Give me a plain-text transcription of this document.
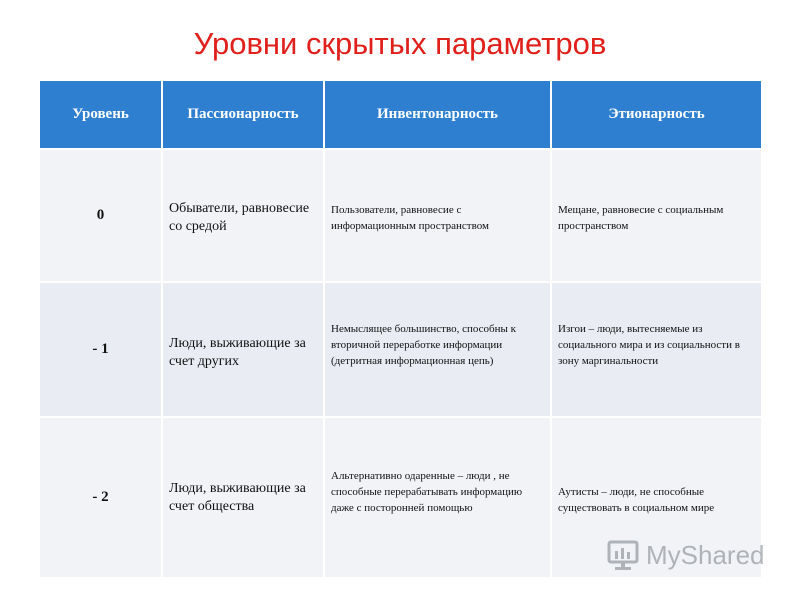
Уровни скрытых параметров
Уровень	Пассионарность	Инвентонарность	Этионарность
0	Обыватели, равновесие со средой	Пользователи, равновесие с информационным пространством	Мещане, равновесие с социальным пространством
- 1	Люди, выживающие за счет других	Немыслящее большинство, способны к вторичной переработке информации (детритная информационная цепь)	Изгои – люди, вытесняемые из социального мира и из социальности в зону маргинальности
- 2	Люди, выживающие за счет общества	Альтернативно одаренные – люди , не способные перерабатывать информацию даже с посторонней помощью	Аутисты – люди, не способные существовать в социальном мире
MyShared
